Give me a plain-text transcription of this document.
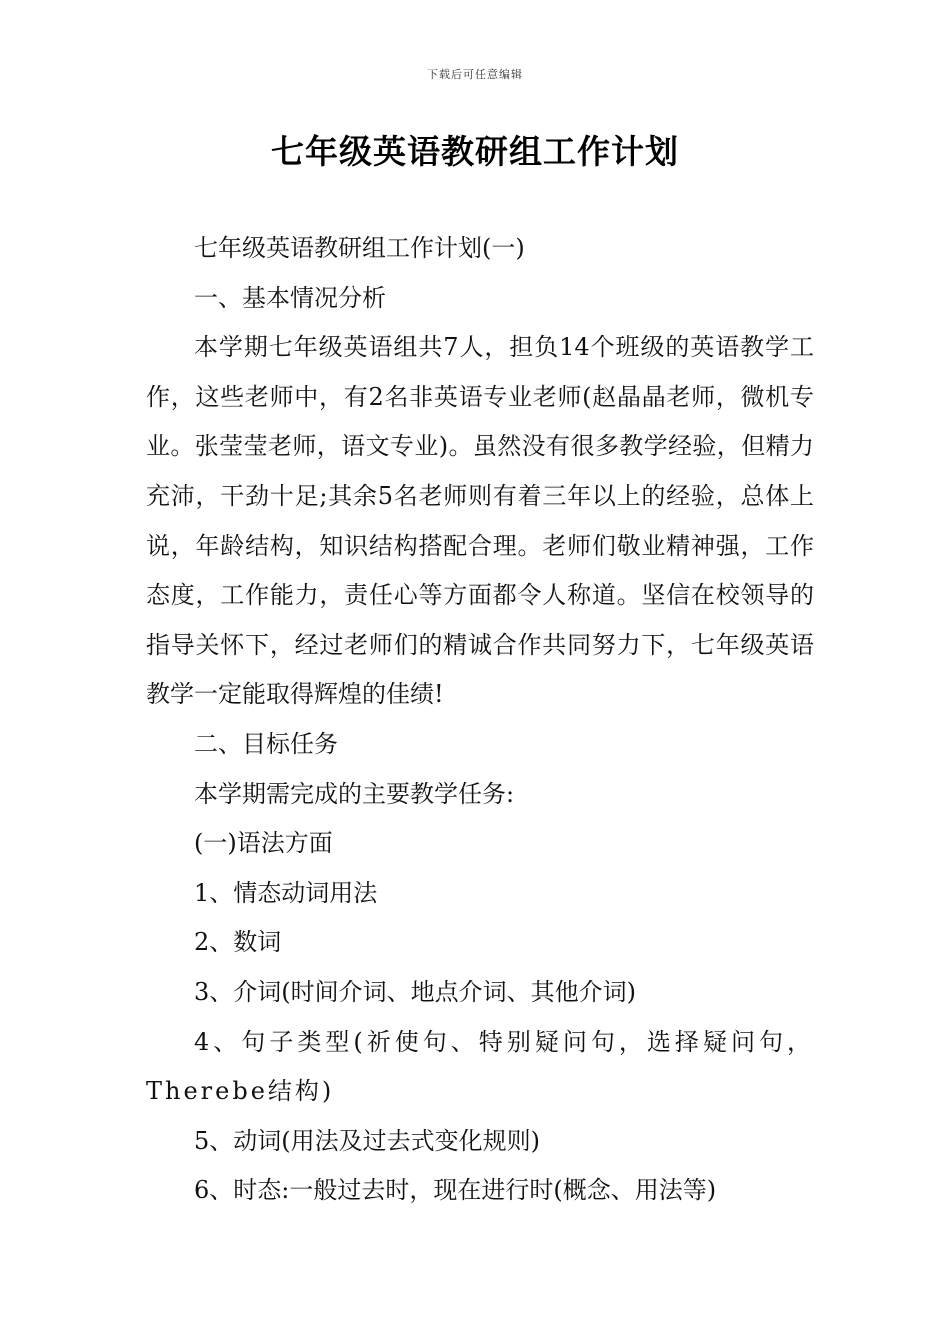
下载后可任意编辑
七年级英语教研组工作计划

七年级英语教研组工作计划(一)

一、基本情况分析

本学期七年级英语组共7人，担负14个班级的英语教学工作，这些老师中，有2名非英语专业老师(赵晶晶老师，微机专业。张莹莹老师，语文专业)。虽然没有很多教学经验，但精力充沛，干劲十足;其余5名老师则有着三年以上的经验，总体上说，年龄结构，知识结构搭配合理。老师们敬业精神强，工作态度，工作能力，责任心等方面都令人称道。坚信在校领导的指导关怀下，经过老师们的精诚合作共同努力下，七年级英语教学一定能取得辉煌的佳绩!

二、目标任务

本学期需完成的主要教学任务:

(一)语法方面

1、情态动词用法

2、数词

3、介词(时间介词、地点介词、其他介词)

4、句子类型(祈使句、特别疑问句，选择疑问句，Therebe结构)

5、动词(用法及过去式变化规则)

6、时态:一般过去时，现在进行时(概念、用法等)
